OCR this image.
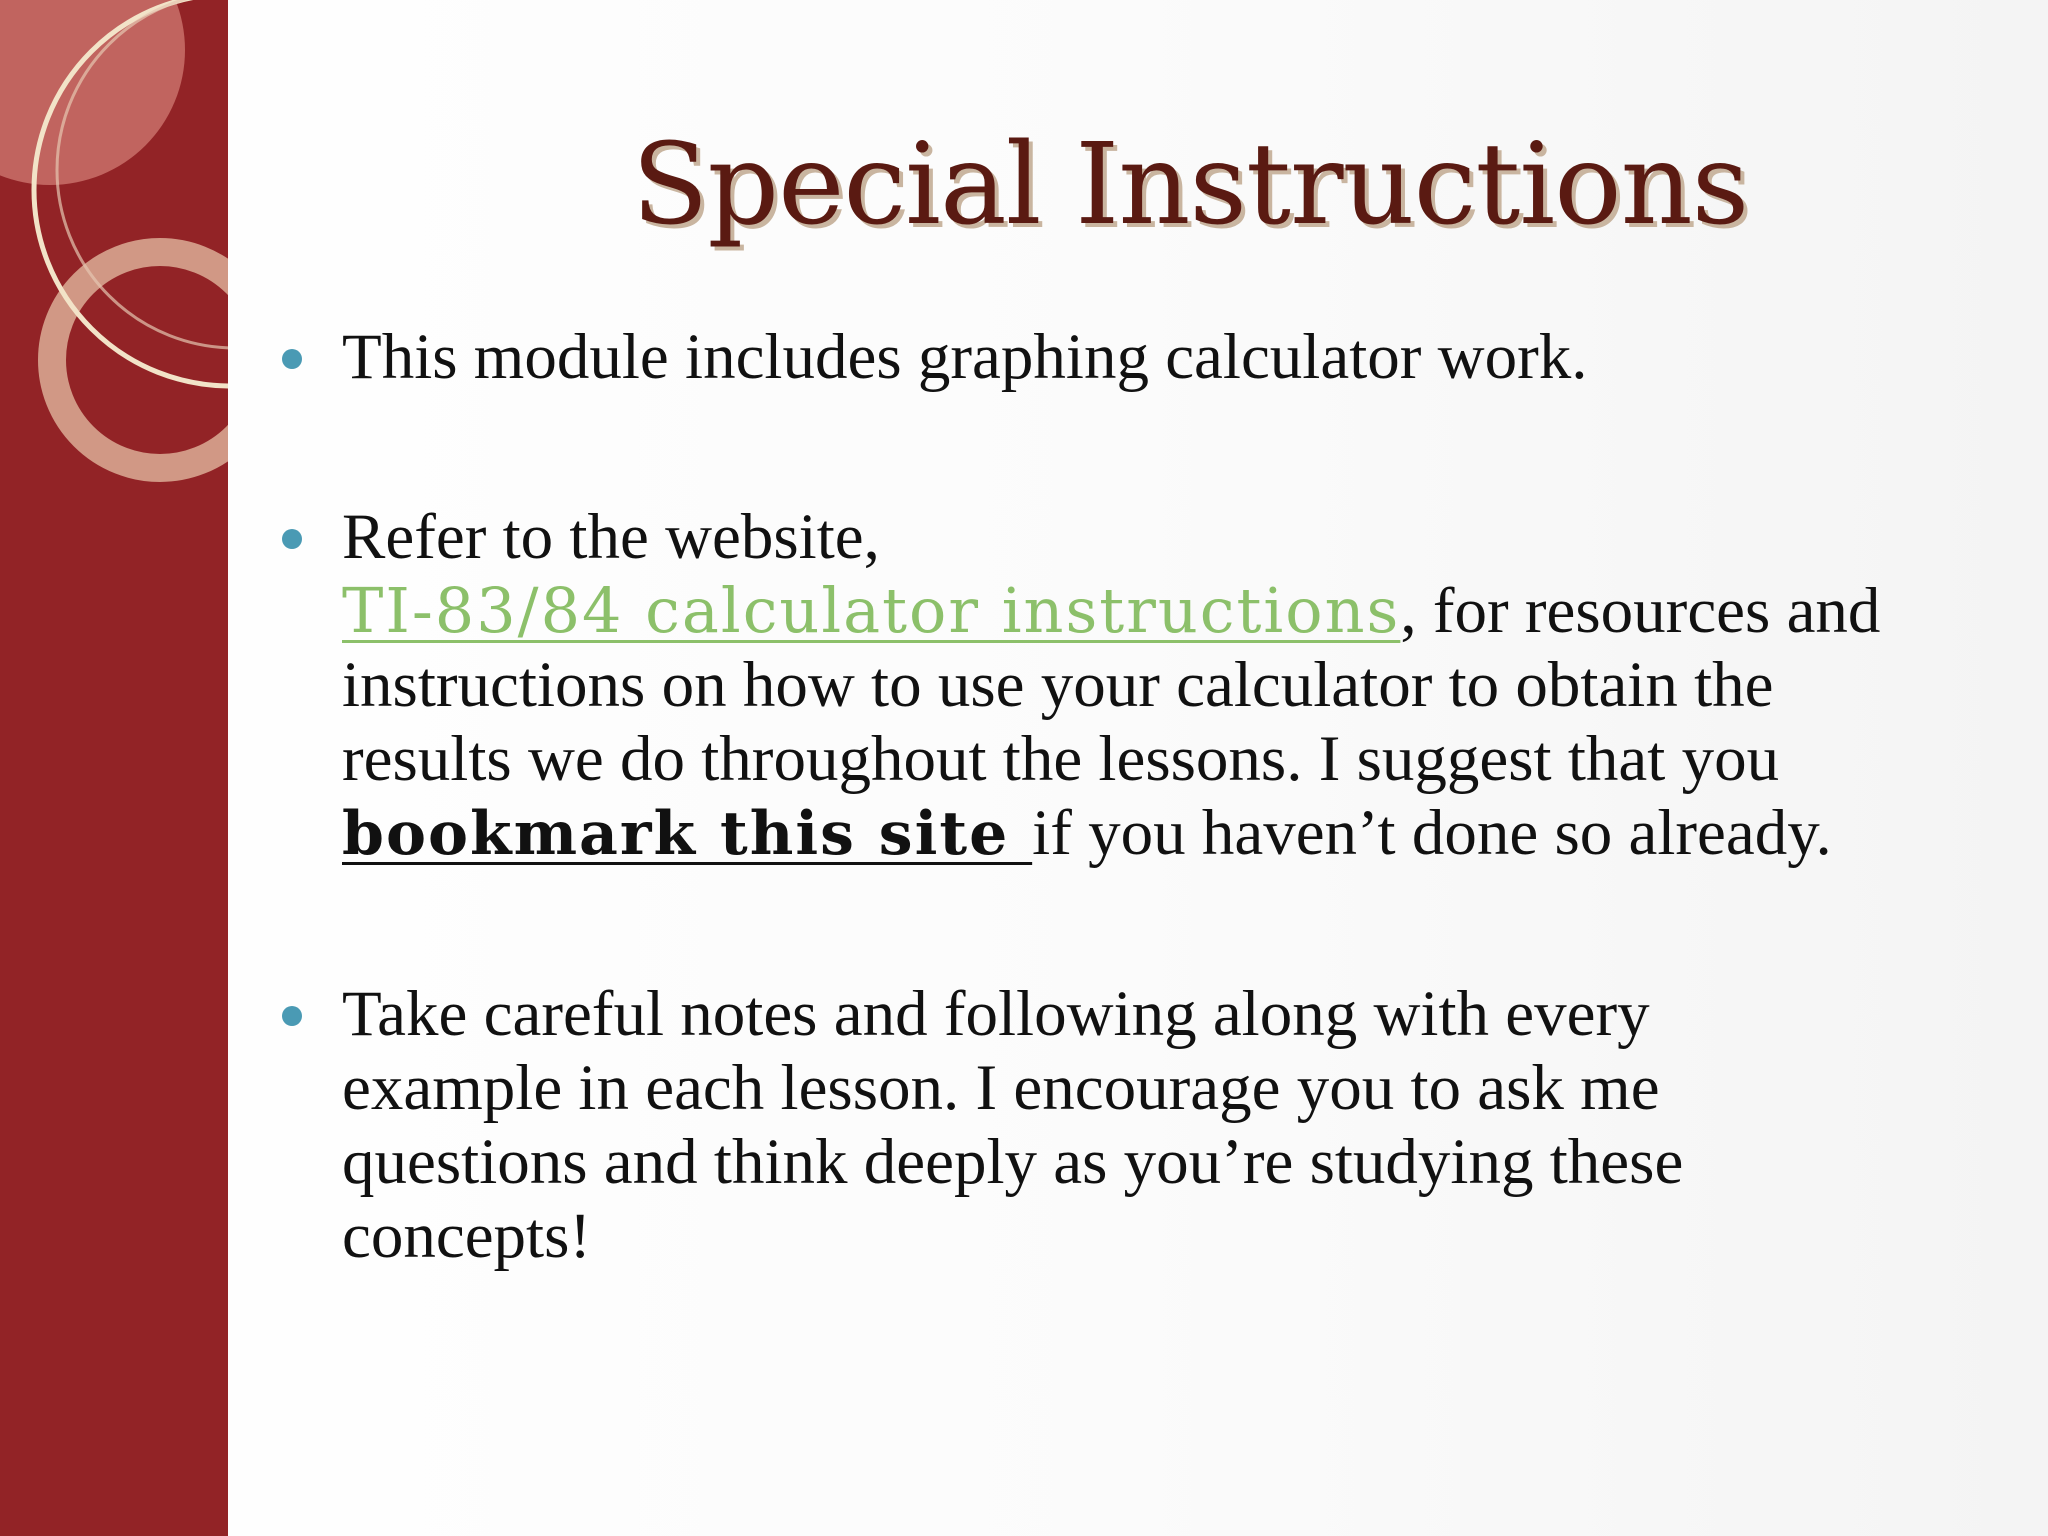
Special Instructions

This module includes graphing calculator work.

Refer to the website,
TI-83/84 calculator instructions, for resources and instructions on how to use your calculator to obtain the results we do throughout the lessons. I suggest that you bookmark this site if you haven’t done so already.

Take careful notes and following along with every example in each lesson. I encourage you to ask me questions and think deeply as you’re studying these concepts!
